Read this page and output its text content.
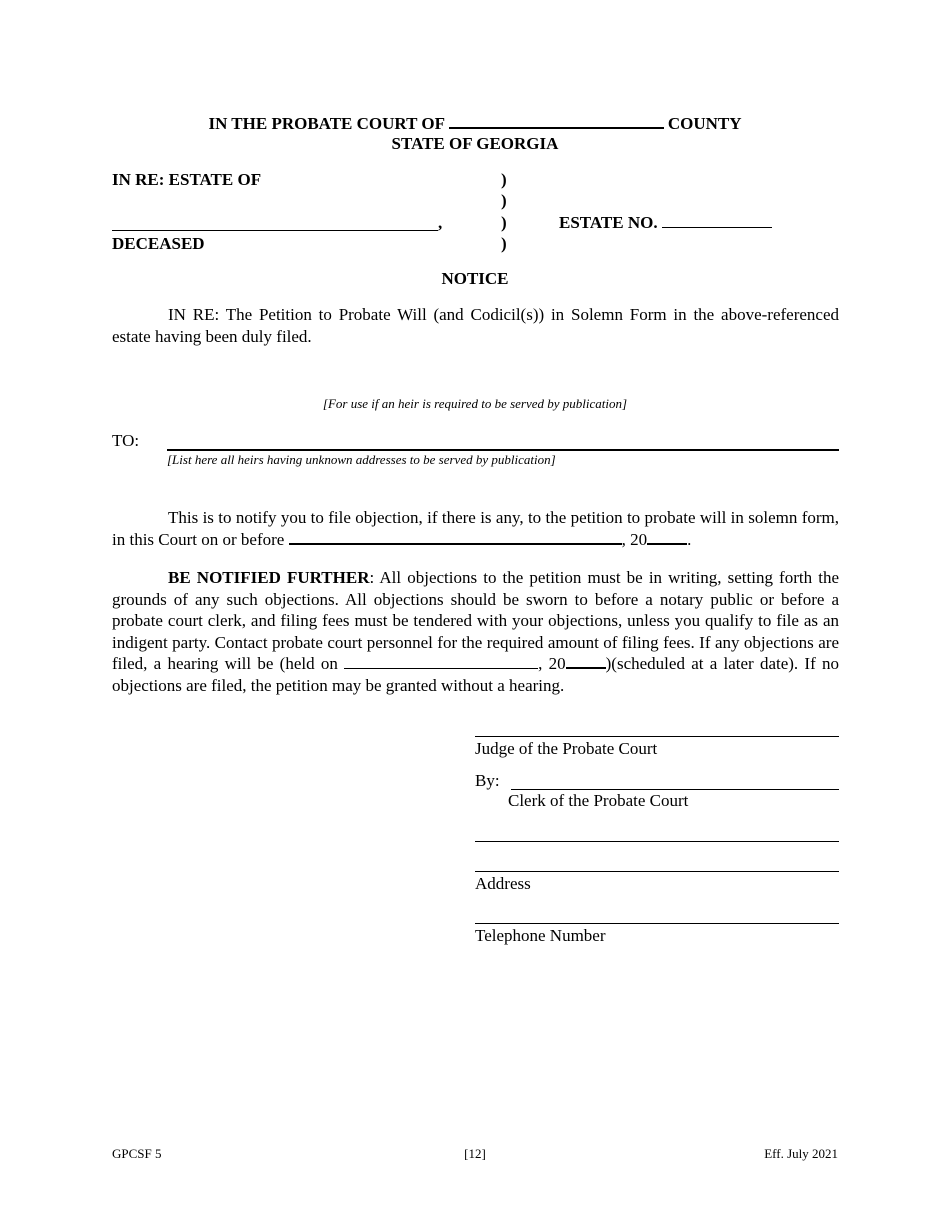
IN THE PROBATE COURT OF	COUNTY
STATE OF GEORGIA
IN RE: ESTATE OF	)
)
)
)
,	ESTATE NO.
DECEASED
NOTICE
IN RE: The Petition to Probate Will (and Codicil(s)) in Solemn Form in the above-referenced estate having been duly filed.
[For use if an heir is required to be served by publication]
TO:
[List here all heirs having unknown addresses to be served by publication]
This is to notify you to file objection, if there is any, to the petition to probate will in solemn form, in this Court on or before	, 20 .
BE NOTIFIED FURTHER: All objections to the petition must be in writing, setting forth the grounds of any such objections. All objections should be sworn to before a notary public or before a probate court clerk, and filing fees must be tendered with your objections, unless you qualify to file as an indigent party. Contact probate court personnel for the required amount of filing fees. If any objections are filed, a hearing will be (held on	, 20 )(scheduled at a later date). If no objections are filed, the petition may be granted without a hearing.
Judge of the Probate Court
By:
Clerk of the Probate Court
Address
Telephone Number
GPCSF 5	[12]	Eff. July 2021
